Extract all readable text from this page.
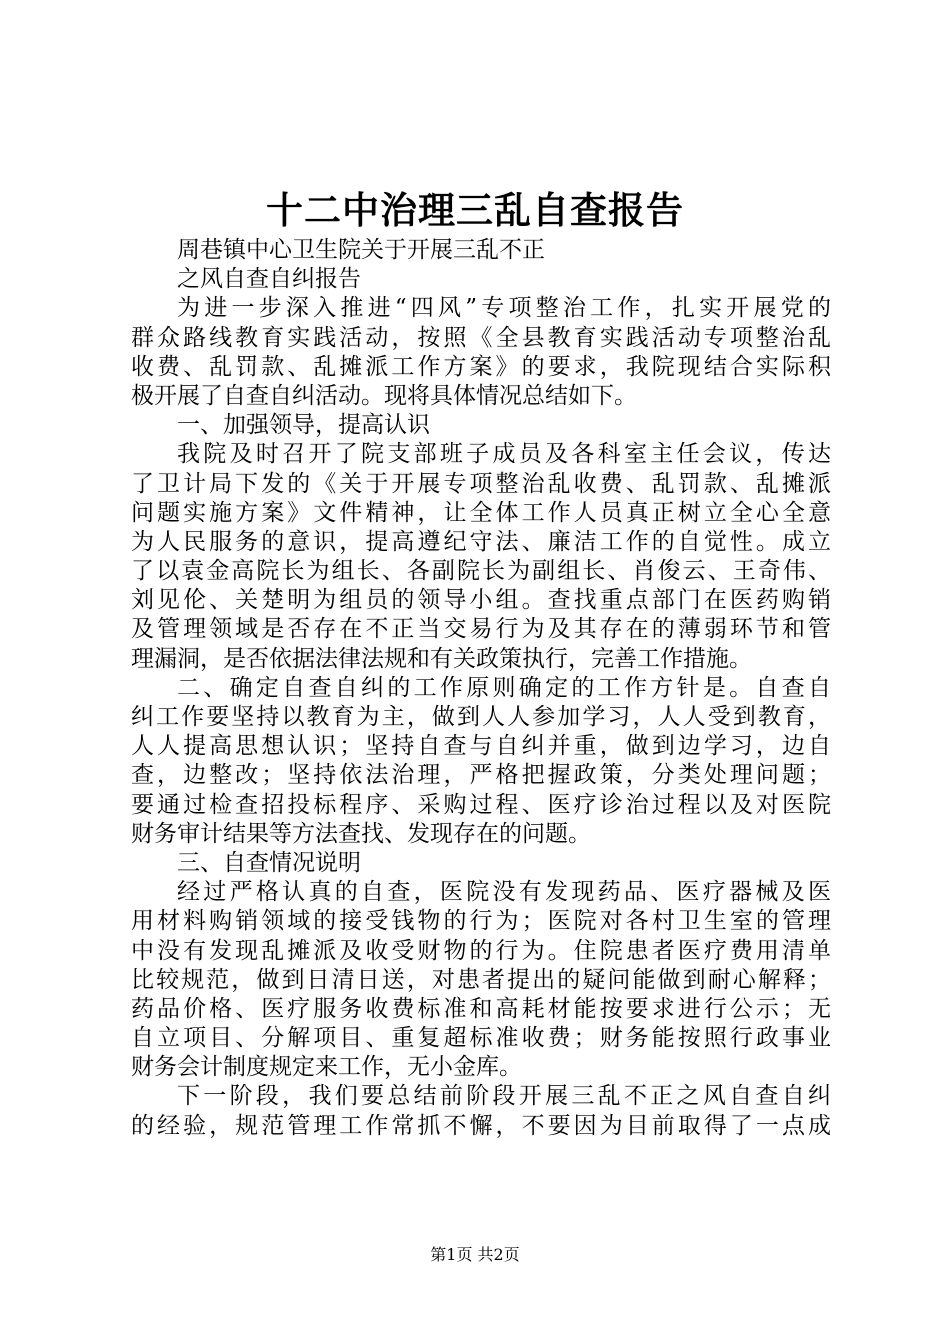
十二中治理三乱自查报告
周巷镇中心卫生院关于开展三乱不正
之风自查自纠报告
为进一步深入推进“四风”专项整治工作，扎实开展党的
群众路线教育实践活动，按照《全县教育实践活动专项整治乱
收费、乱罚款、乱摊派工作方案》的要求，我院现结合实际积
极开展了自查自纠活动。现将具体情况总结如下。
一、加强领导，提高认识
我院及时召开了院支部班子成员及各科室主任会议，传达
了卫计局下发的《关于开展专项整治乱收费、乱罚款、乱摊派
问题实施方案》文件精神，让全体工作人员真正树立全心全意
为人民服务的意识，提高遵纪守法、廉洁工作的自觉性。成立
了以袁金高院长为组长、各副院长为副组长、肖俊云、王奇伟、
刘见伦、关楚明为组员的领导小组。查找重点部门在医药购销
及管理领域是否存在不正当交易行为及其存在的薄弱环节和管
理漏洞，是否依据法律法规和有关政策执行，完善工作措施。
二、确定自查自纠的工作原则确定的工作方针是。自查自
纠工作要坚持以教育为主，做到人人参加学习，人人受到教育，
人人提高思想认识；坚持自查与自纠并重，做到边学习，边自
查，边整改；坚持依法治理，严格把握政策，分类处理问题；
要通过检查招投标程序、采购过程、医疗诊治过程以及对医院
财务审计结果等方法查找、发现存在的问题。
三、自查情况说明
经过严格认真的自查，医院没有发现药品、医疗器械及医
用材料购销领域的接受钱物的行为；医院对各村卫生室的管理
中没有发现乱摊派及收受财物的行为。住院患者医疗费用清单
比较规范，做到日清日送，对患者提出的疑问能做到耐心解释；
药品价格、医疗服务收费标准和高耗材能按要求进行公示；无
自立项目、分解项目、重复超标准收费；财务能按照行政事业
财务会计制度规定来工作，无小金库。
下一阶段，我们要总结前阶段开展三乱不正之风自查自纠
的经验，规范管理工作常抓不懈，不要因为目前取得了一点成
第1页 共2页
